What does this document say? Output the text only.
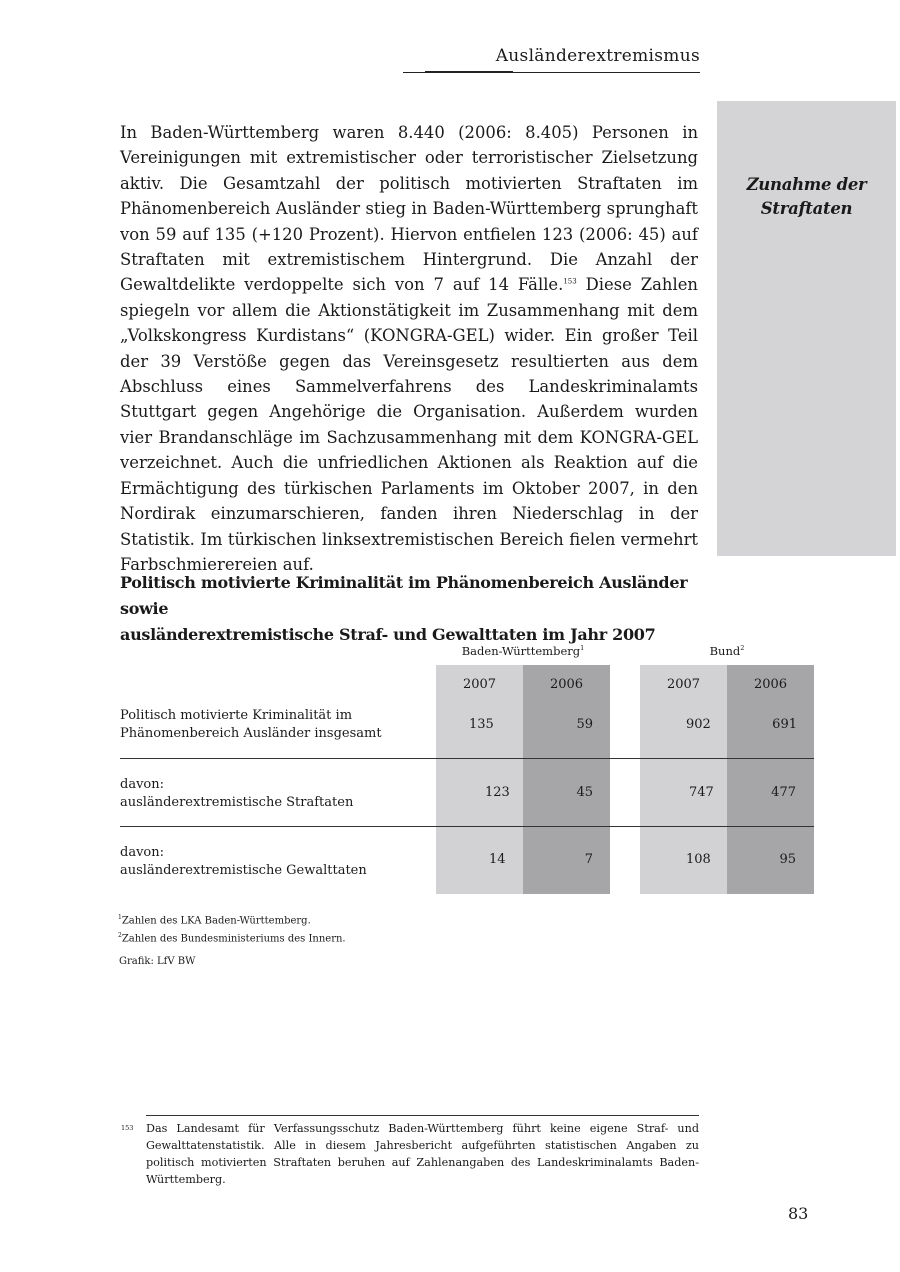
Ausländerextremismus
In Baden-Württemberg waren 8.440 (2006: 8.405) Personen in Vereinigungen mit extremistischer oder terroristischer Zielsetzung aktiv. Die Gesamtzahl der politisch motivierten Straftaten im Phänomenbereich Ausländer stieg in Baden-Württemberg sprunghaft von 59 auf 135 (+120 Prozent). Hiervon entfielen 123 (2006: 45) auf Straftaten mit extremistischem Hintergrund. Die Anzahl der Gewaltdelikte verdoppelte sich von 7 auf 14 Fälle.$^{153}$ Diese Zahlen spiegeln vor allem die Aktionstätigkeit im Zusammenhang mit dem „Volkskongress Kurdistans“ (KONGRA-GEL) wider. Ein großer Teil der 39 Verstöße gegen das Vereinsgesetz resultierten aus dem Abschluss eines Sammelverfahrens des Landeskriminalamts Stuttgart gegen Angehörige die Organisation. Außerdem wurden vier Brandanschläge im Sachzusammenhang mit dem KONGRA-GEL verzeichnet. Auch die unfriedlichen Aktionen als Reaktion auf die Ermächtigung des türkischen Parlaments im Oktober 2007, in den Nordirak einzumarschieren, fanden ihren Niederschlag in der Statistik. Im türkischen linksextremistischen Bereich fielen vermehrt Farbschmierereien auf.

Zunahme der Straftaten

Politisch motivierte Kriminalität im Phänomenbereich Ausländer sowie
ausländerextremistische Straf- und Gewalttaten im Jahr 2007

Baden-Württemberg$^1$	Bund$^2$
2007	2006	2007	2006
Politisch motivierte Kriminalität im
Phänomenbereich Ausländer insgesamt
135	59	902	691
davon:
ausländerextremistische Straftaten
123	45	747	477
davon:
ausländerextremistische Gewalttaten
14	7	108	95
$^1$Zahlen des LKA Baden-Württemberg.
$^2$Zahlen des Bundesministeriums des Innern.
Grafik: LfV BW
153 Das Landesamt für Verfassungsschutz Baden-Württemberg führt keine eigene Straf- und Gewalttatenstatistik. Alle in diesem Jahresbericht aufgeführten statistischen Angaben zu politisch motivierten Straftaten beruhen auf Zahlenangaben des Landeskriminalamts Baden-Württemberg.
83
